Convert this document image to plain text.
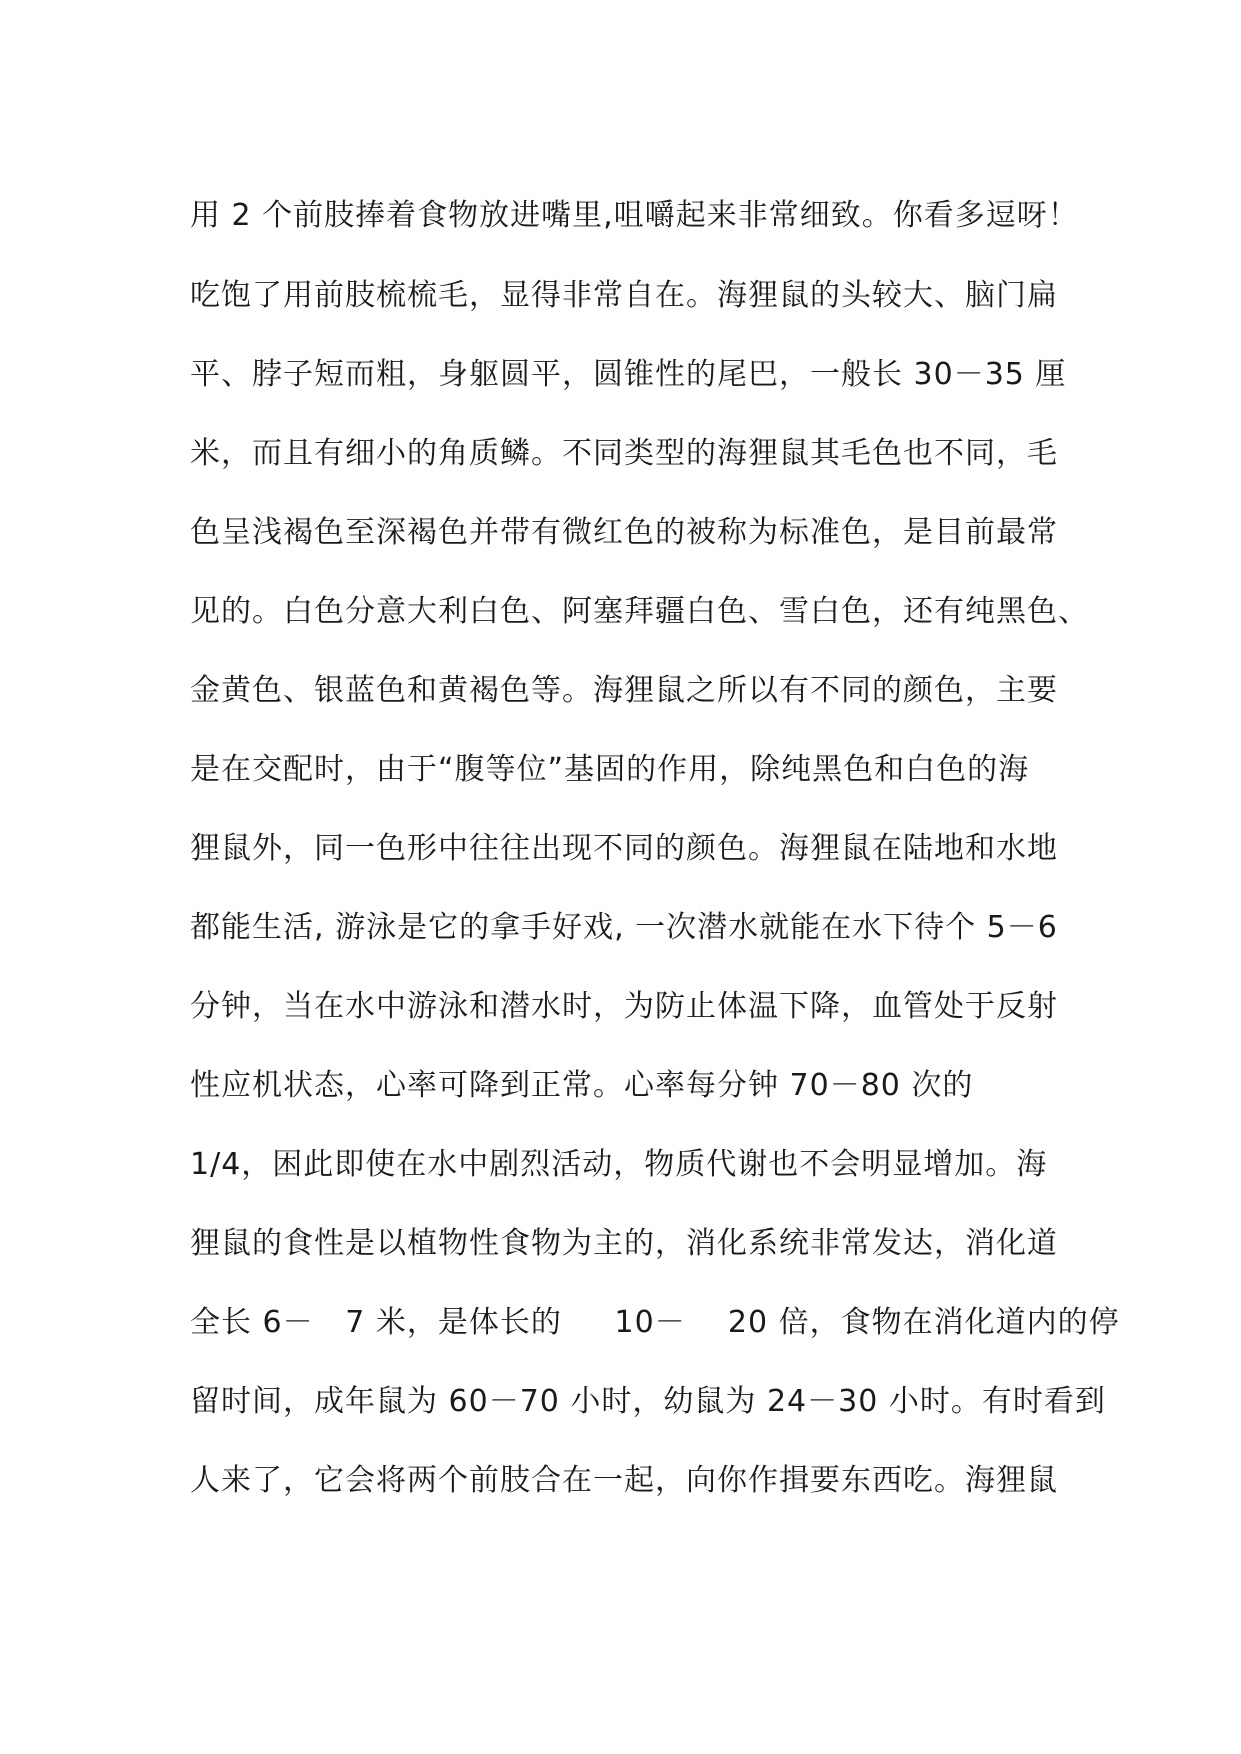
用 2 个前肢捧着食物放进嘴里,咀嚼起来非常细致。你看多逗呀！

吃饱了用前肢梳梳毛，显得非常自在。海狸鼠的头较大、脑门扁

平、脖子短而粗，身躯圆平，圆锥性的尾巴，一般长 30－35 厘

米，而且有细小的角质鳞。不同类型的海狸鼠其毛色也不同，毛

色呈浅褐色至深褐色并带有微红色的被称为标准色，是目前最常

见的。白色分意大利白色、阿塞拜疆白色、雪白色，还有纯黑色、

金黄色、银蓝色和黄褐色等。海狸鼠之所以有不同的颜色，主要

是在交配时，由于“腹等位”基固的作用，除纯黑色和白色的海

狸鼠外，同一色形中往往出现不同的颜色。海狸鼠在陆地和水地

都能生活, 游泳是它的拿手好戏, 一次潜水就能在水下待个 5－6

分钟，当在水中游泳和潜水时，为防止体温下降，血管处于反射

性应机状态，心率可降到正常。心率每分钟 70－80 次的

1/4，困此即使在水中剧烈活动，物质代谢也不会明显增加。海

狸鼠的食性是以植物性食物为主的，消化系统非常发达，消化道

全长 6－   7 米，是体长的     10－    20 倍，食物在消化道内的停

留时间，成年鼠为 60－70 小时，幼鼠为 24－30 小时。有时看到

人来了，它会将两个前肢合在一起，向你作揖要东西吃。海狸鼠
